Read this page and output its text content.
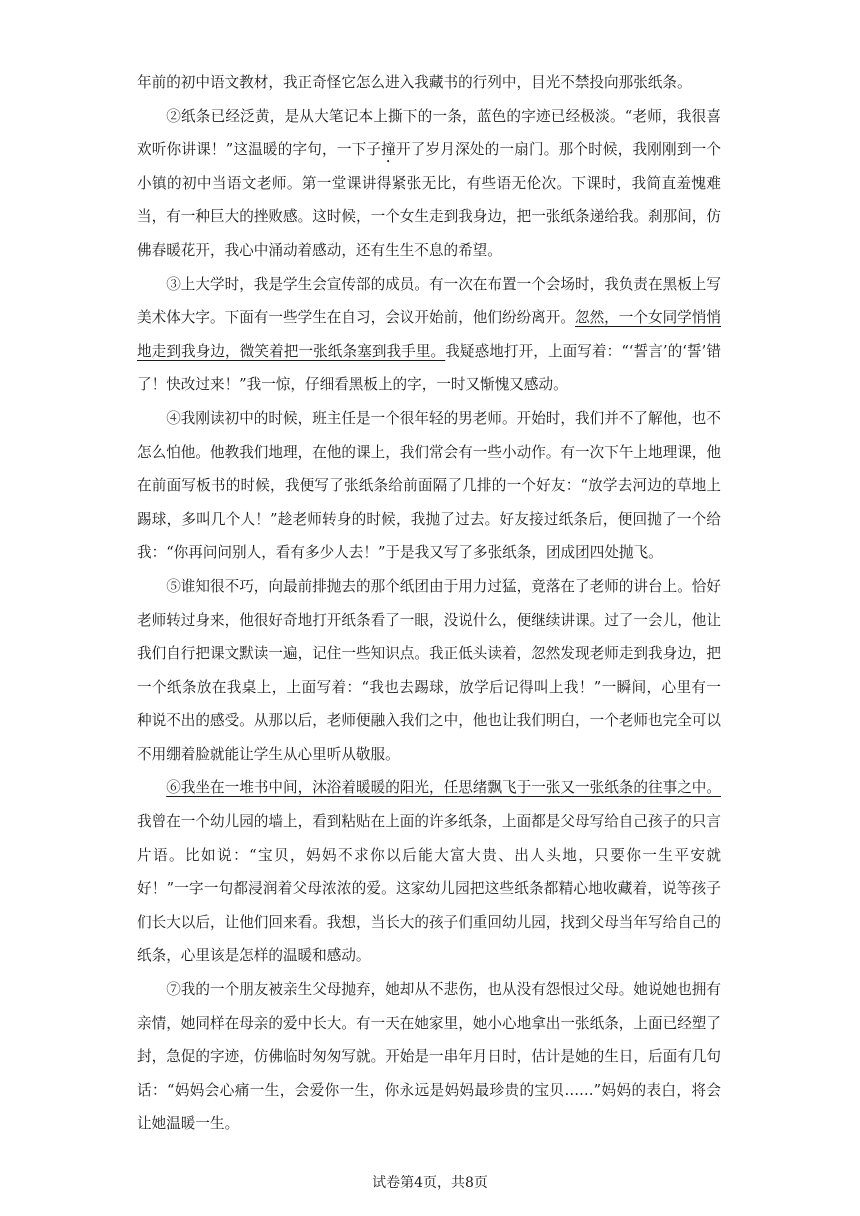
年前的初中语文教材，我正奇怪它怎么进入我藏书的行列中，目光不禁投向那张纸条。

②纸条已经泛黄，是从大笔记本上撕下的一条，蓝色的字迹已经极淡。“老师，我很喜欢听你讲课！”这温暖的字句，一下子撞开了岁月深处的一扇门。那个时候，我刚刚到一个小镇的初中当语文老师。第一堂课讲得紧张无比，有些语无伦次。下课时，我简直羞愧难当，有一种巨大的挫败感。这时候，一个女生走到我身边，把一张纸条递给我。刹那间，仿佛春暖花开，我心中涌动着感动，还有生生不息的希望。

③上大学时，我是学生会宣传部的成员。有一次在布置一个会场时，我负责在黑板上写美术体大字。下面有一些学生在自习，会议开始前，他们纷纷离开。忽然，一个女同学悄悄地走到我身边，微笑着把一张纸条塞到我手里。我疑惑地打开，上面写着：“‘誓言’的‘誓’错了！快改过来！”我一惊，仔细看黑板上的字，一时又惭愧又感动。

④我刚读初中的时候，班主任是一个很年轻的男老师。开始时，我们并不了解他，也不怎么怕他。他教我们地理，在他的课上，我们常会有一些小动作。有一次下午上地理课，他在前面写板书的时候，我便写了张纸条给前面隔了几排的一个好友：“放学去河边的草地上踢球，多叫几个人！”趁老师转身的时候，我抛了过去。好友接过纸条后，便回抛了一个给我：“你再问问别人，看有多少人去！”于是我又写了多张纸条，团成团四处抛飞。

⑤谁知很不巧，向最前排抛去的那个纸团由于用力过猛，竟落在了老师的讲台上。恰好老师转过身来，他很好奇地打开纸条看了一眼，没说什么，便继续讲课。过了一会儿，他让我们自行把课文默读一遍，记住一些知识点。我正低头读着，忽然发现老师走到我身边，把一个纸条放在我桌上，上面写着：“我也去踢球，放学后记得叫上我！”一瞬间，心里有一种说不出的感受。从那以后，老师便融入我们之中，他也让我们明白，一个老师也完全可以不用绷着脸就能让学生从心里听从敬服。

⑥我坐在一堆书中间，沐浴着暖暖的阳光，任思绪飘飞于一张又一张纸条的往事之中。我曾在一个幼儿园的墙上，看到粘贴在上面的许多纸条，上面都是父母写给自己孩子的只言片语。比如说：“宝贝，妈妈不求你以后能大富大贵、出人头地，只要你一生平安就好！”一字一句都浸润着父母浓浓的爱。这家幼儿园把这些纸条都精心地收藏着，说等孩子们长大以后，让他们回来看。我想，当长大的孩子们重回幼儿园，找到父母当年写给自己的纸条，心里该是怎样的温暖和感动。

⑦我的一个朋友被亲生父母抛弃，她却从不悲伤，也从没有怨恨过父母。她说她也拥有亲情，她同样在母亲的爱中长大。有一天在她家里，她小心地拿出一张纸条，上面已经塑了封，急促的字迹，仿佛临时匆匆写就。开始是一串年月日时，估计是她的生日，后面有几句话：“妈妈会心痛一生，会爱你一生，你永远是妈妈最珍贵的宝贝……”妈妈的表白，将会让她温暖一生。

试卷第4页，共8页
